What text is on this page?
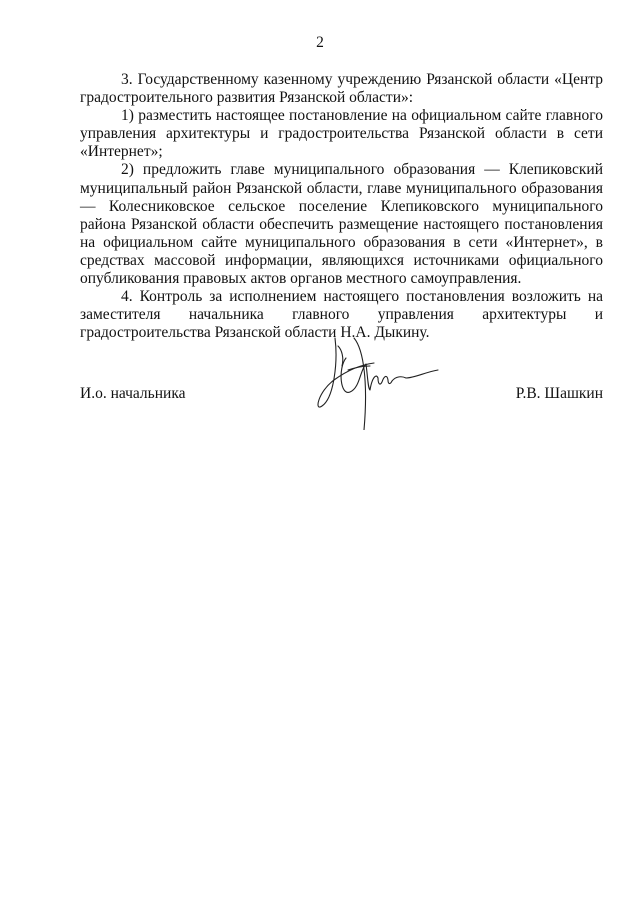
2

3. Государственному казенному учреждению Рязанской области «Центр градостроительного развития Рязанской области»:

1) разместить настоящее постановление на официальном сайте главного управления архитектуры и градостроительства Рязанской области в сети «Интернет»;

2) предложить главе муниципального образования — Клепиковский муниципальный район Рязанской области, главе муниципального образования — Колесниковское сельское поселение Клепиковского муниципального района Рязанской области обеспечить размещение настоящего постановления на официальном сайте муниципального образования в сети «Интернет», в средствах массовой информации, являющихся источниками официального опубликования правовых актов органов местного самоуправления.

4. Контроль за исполнением настоящего постановления возложить на заместителя начальника главного управления архитектуры и градостроительства Рязанской области Н.А. Дыкину.

И.о. начальника	Р.В. Шашкин
